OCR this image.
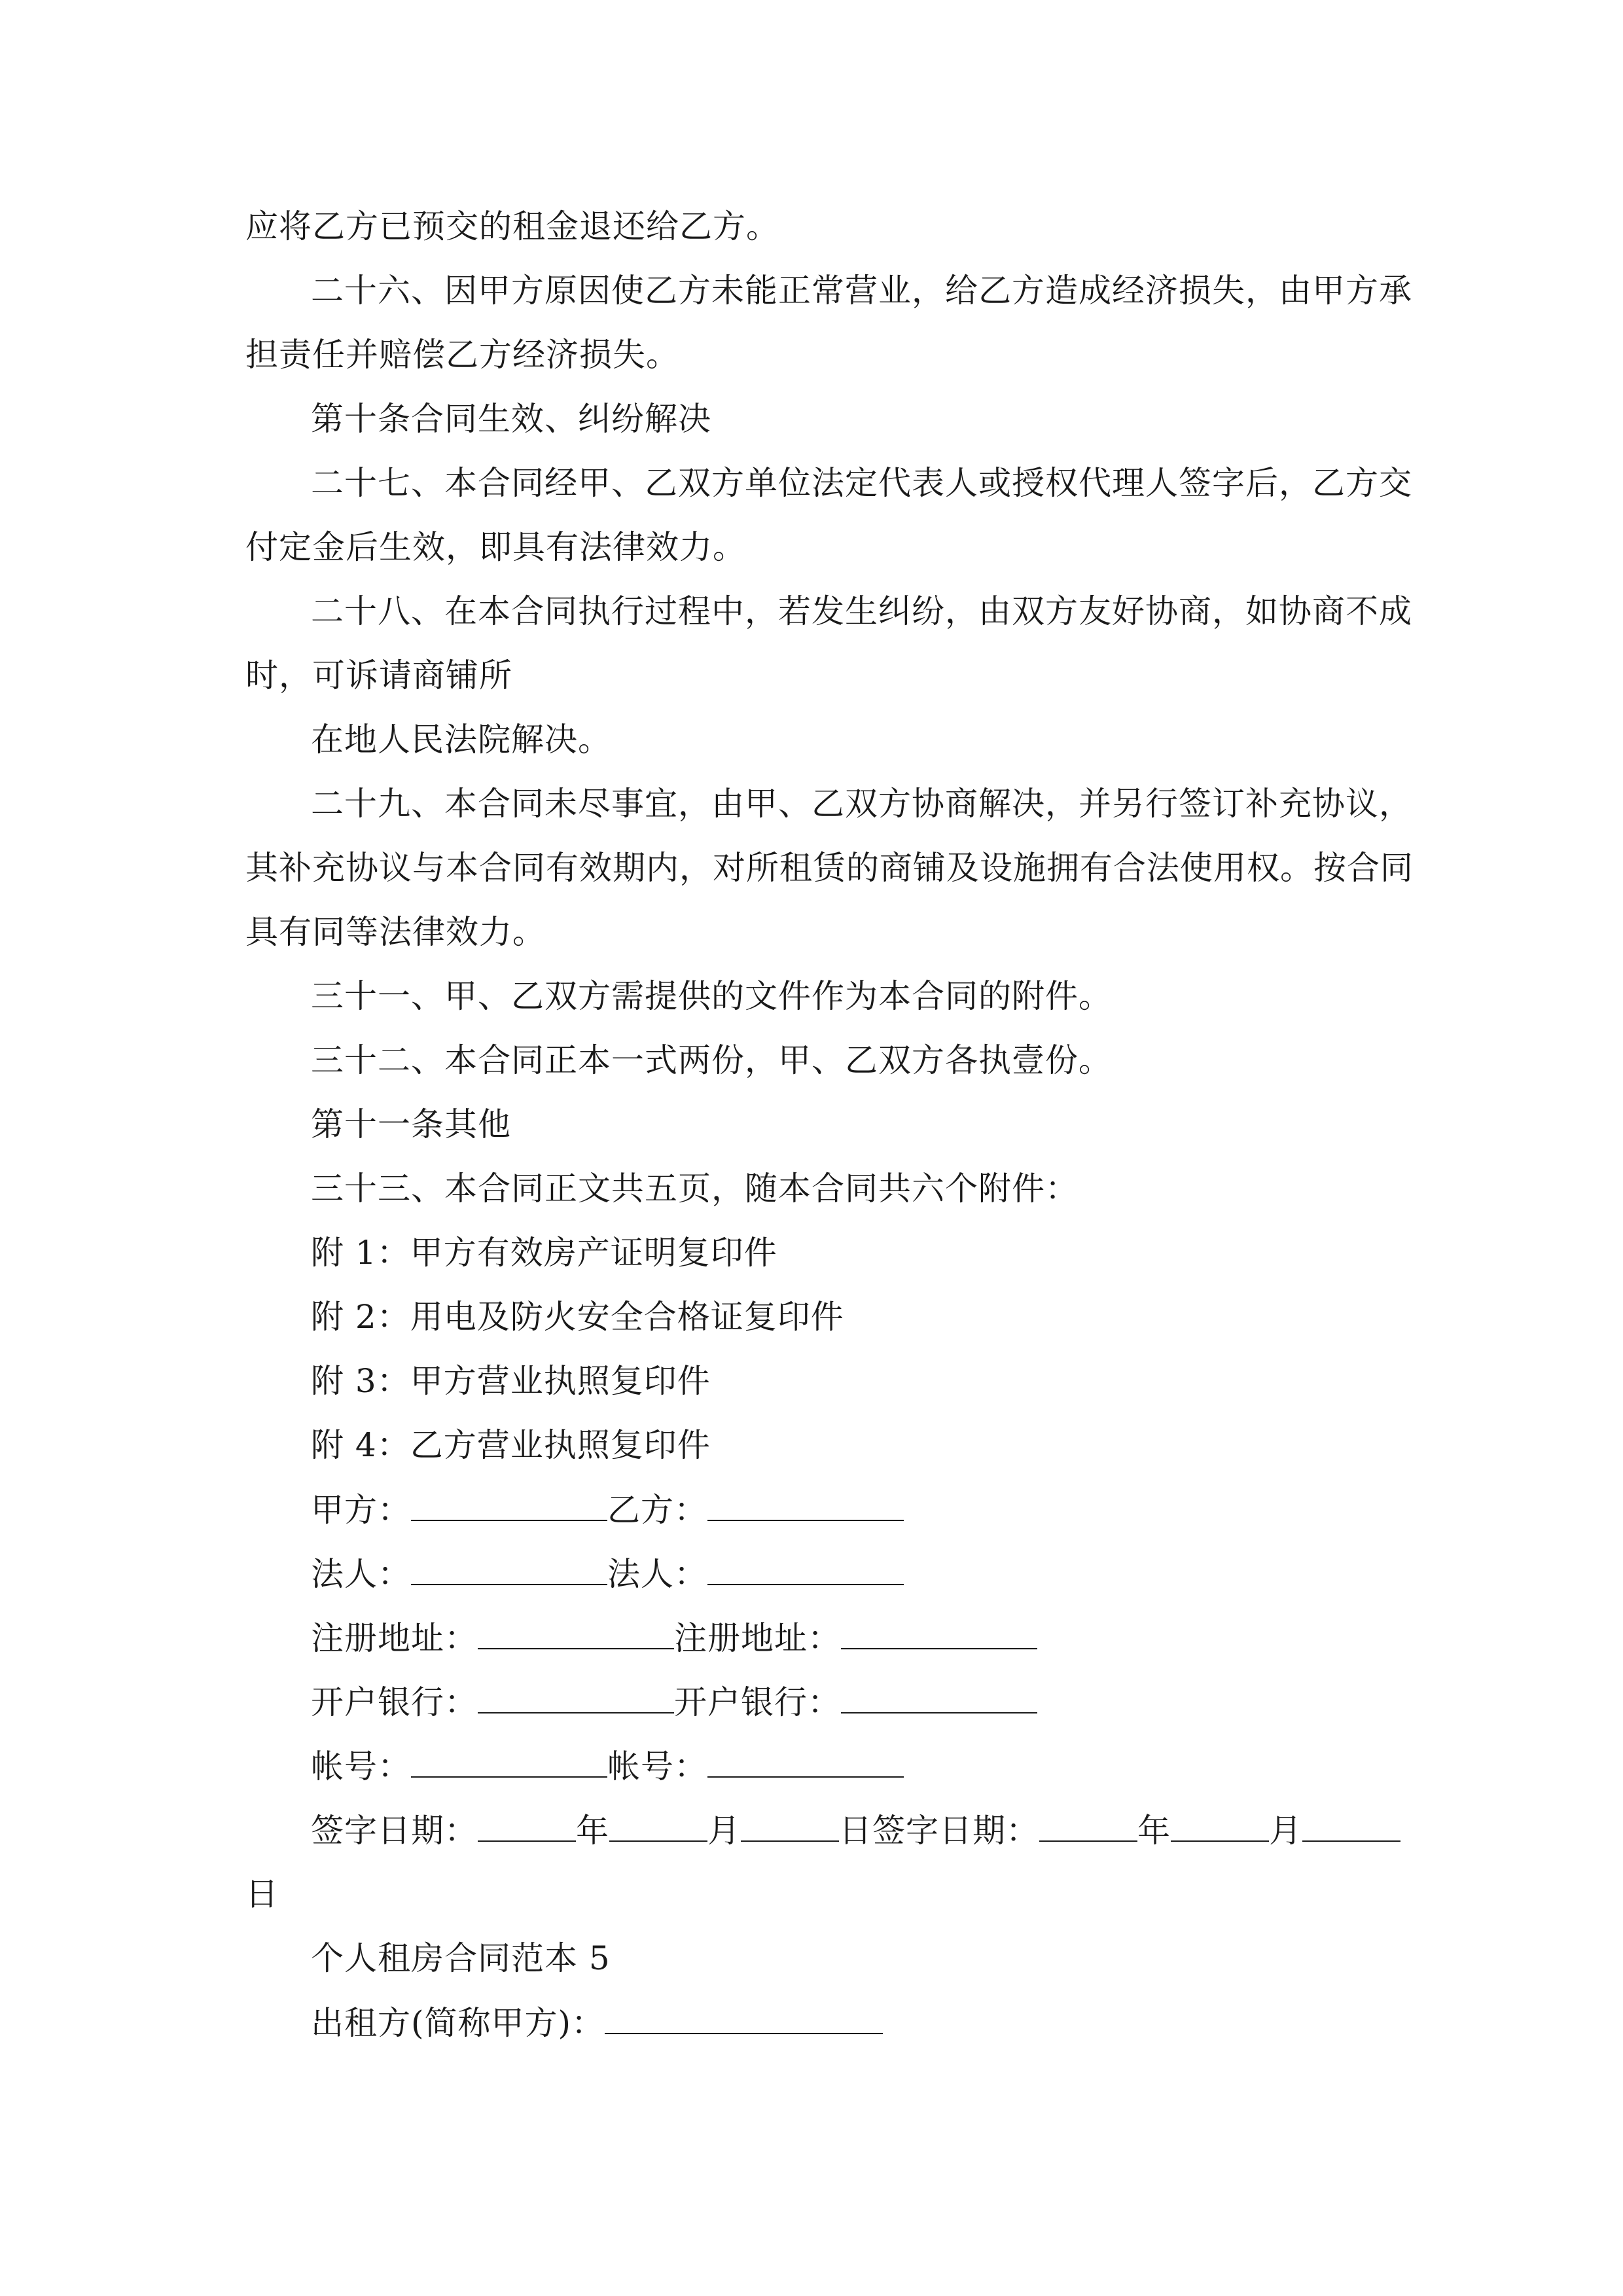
应将乙方已预交的租金退还给乙方。
二十六、因甲方原因使乙方未能正常营业，给乙方造成经济损失，由甲方承
担责任并赔偿乙方经济损失。
第十条合同生效、纠纷解决
二十七、本合同经甲、乙双方单位法定代表人或授权代理人签字后，乙方交
付定金后生效，即具有法律效力。
二十八、在本合同执行过程中，若发生纠纷，由双方友好协商，如协商不成
时，可诉请商铺所
在地人民法院解决。
二十九、本合同未尽事宜，由甲、乙双方协商解决，并另行签订补充协议，
其补充协议与本合同有效期内，对所租赁的商铺及设施拥有合法使用权。按合同
具有同等法律效力。
三十一、甲、乙双方需提供的文件作为本合同的附件。
三十二、本合同正本一式两份，甲、乙双方各执壹份。
第十一条其他
三十三、本合同正文共五页，随本合同共六个附件：
附 1：甲方有效房产证明复印件
附 2：用电及防火安全合格证复印件
附 3：甲方营业执照复印件
附 4：乙方营业执照复印件
甲方：	乙方：
法人：	法人：
注册地址：	注册地址：
开户银行：	开户银行：
帐号：	帐号：
签字日期：	年	月	日签字日期：	年	月
日
个人租房合同范本 5
出租方(简称甲方)：
